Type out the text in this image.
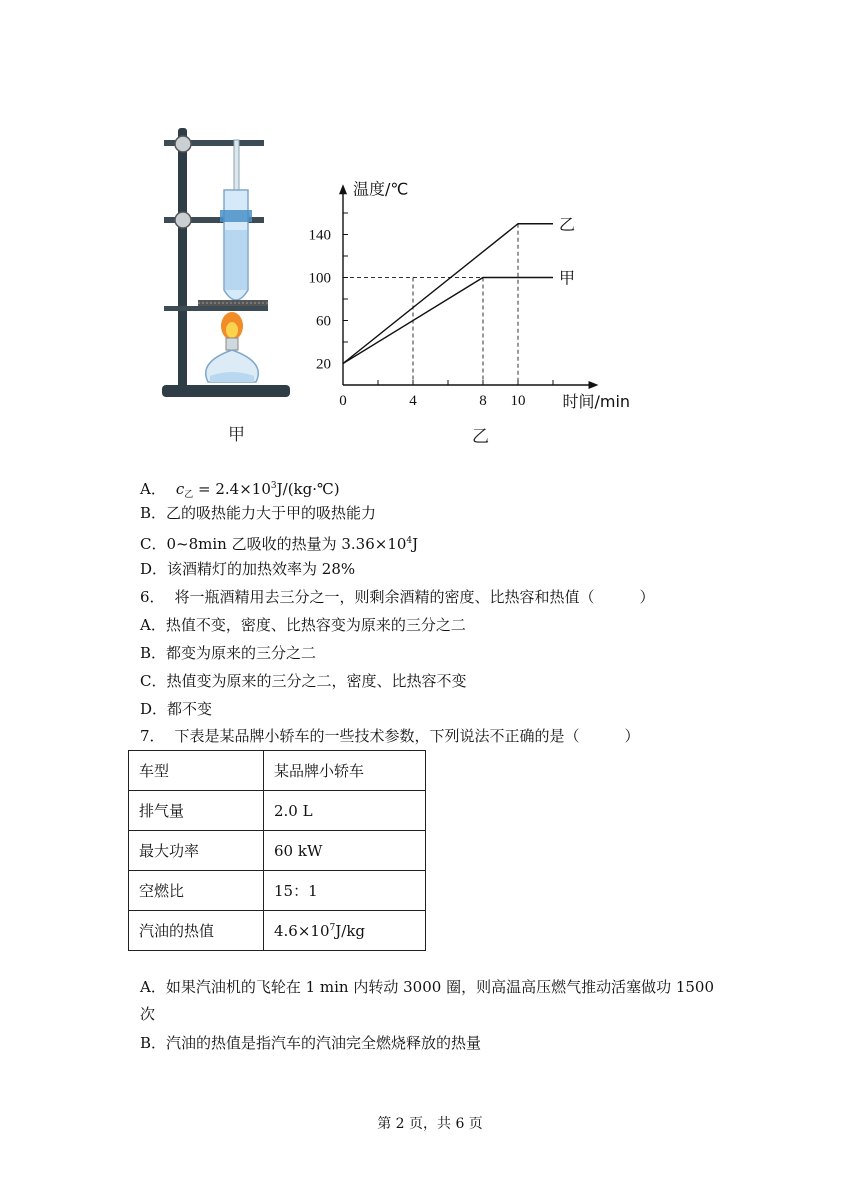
0	4	8 10
20
60
100
140
温度/℃
时间/min
乙
甲
甲	乙
A． $c_乙$ = $2.4\times 10^3J/(kg\cdot℃)$
B．乙的吸热能力大于甲的吸热能力
C．0~8min 乙吸收的热量为 $3.36\times 10^4J$
D．该酒精灯的加热效率为 28%
6． 将一瓶酒精用去三分之一，则剩余酒精的密度、比热容和热值（　　　）
A．热值不变，密度、比热容变为原来的三分之二
B．都变为原来的三分之二
C．热值变为原来的三分之二，密度、比热容不变
D．都不变
7． 下表是某品牌小轿车的一些技术参数，下列说法不正确的是（　　　）
车型	某品牌小轿车
排气量	2.0 L
最大功率	60 kW
空燃比	15：1
汽油的热值	$4.6\times 10^7J/kg$
A．如果汽油机的飞轮在 1 min 内转动 3000 圈，则高温高压燃气推动活塞做功 1500
次
B．汽油的热值是指汽车的汽油完全燃烧释放的热量
第 2 页，共 6 页
